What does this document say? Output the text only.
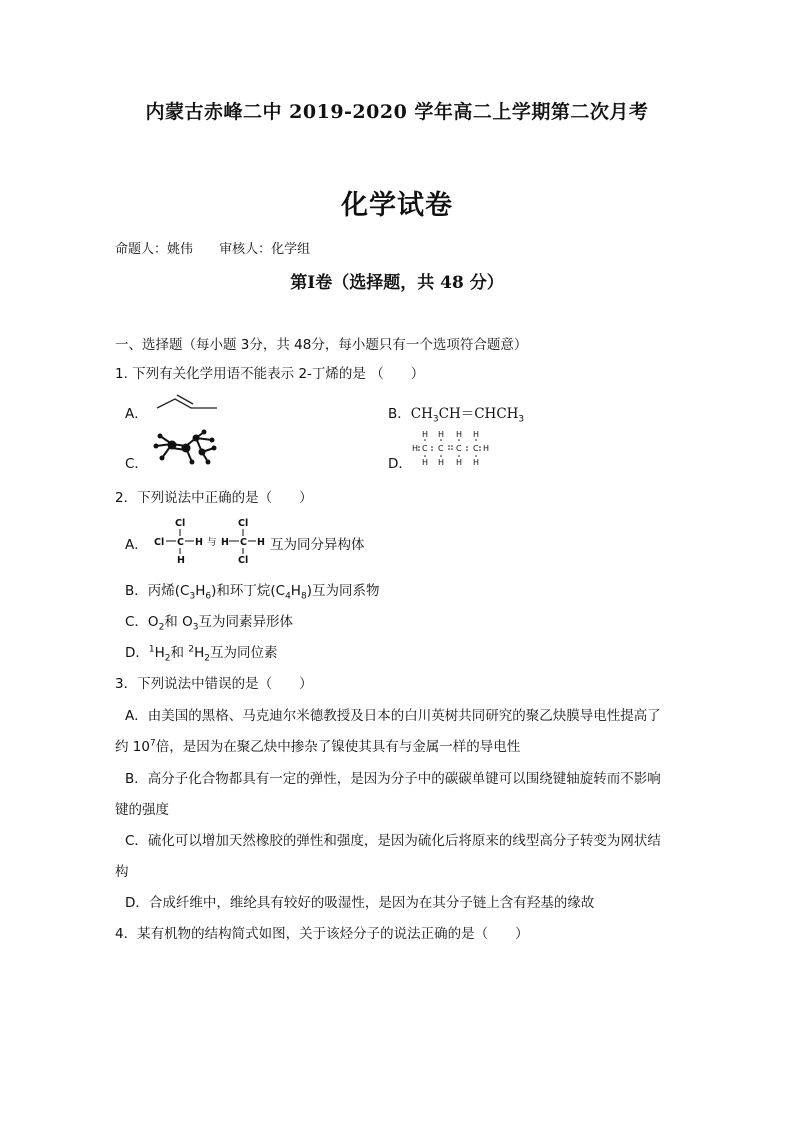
内蒙古赤峰二中 2019-2020 学年高二上学期第二次月考
化学试卷
命题人：姚伟 审核人：化学组
第Ⅰ卷（选择题，共 48 分）
一、选择题（每小题 3分，共 48分，每小题只有一个选项符合题意）
1. 下列有关化学用语不能表示 2-丁烯的是 （　　）
A．	B．$CH_3CH=CHCH_3$
C．	D．
H H H H
H C C C C H
H H H H
2．下列说法中正确的是（　　）
A．
Cl
Cl C H
H
Cl
H C H
Cl
与	互为同分异构体
B．丙烯$(C_3H_6)$和环丁烷$(C_4H_8)$互为同系物
C．$O_2$和 $O_3$互为同素异形体
D．$^1H_2$和 $^2H_2$互为同位素
3．下列说法中错误的是（　　）
A．由美国的黑格、马克迪尔米德教授及日本的白川英树共同研究的聚乙炔膜导电性提高了
约 $10^7$倍，是因为在聚乙炔中掺杂了镍使其具有与金属一样的导电性
B．高分子化合物都具有一定的弹性，是因为分子中的碳碳单键可以围绕键轴旋转而不影响
键的强度
C．硫化可以增加天然橡胶的弹性和强度，是因为硫化后将原来的线型高分子转变为网状结
构
D．合成纤维中，维纶具有较好的吸湿性，是因为在其分子链上含有羟基的缘故
4．某有机物的结构简式如图，关于该烃分子的说法正确的是（　　）
